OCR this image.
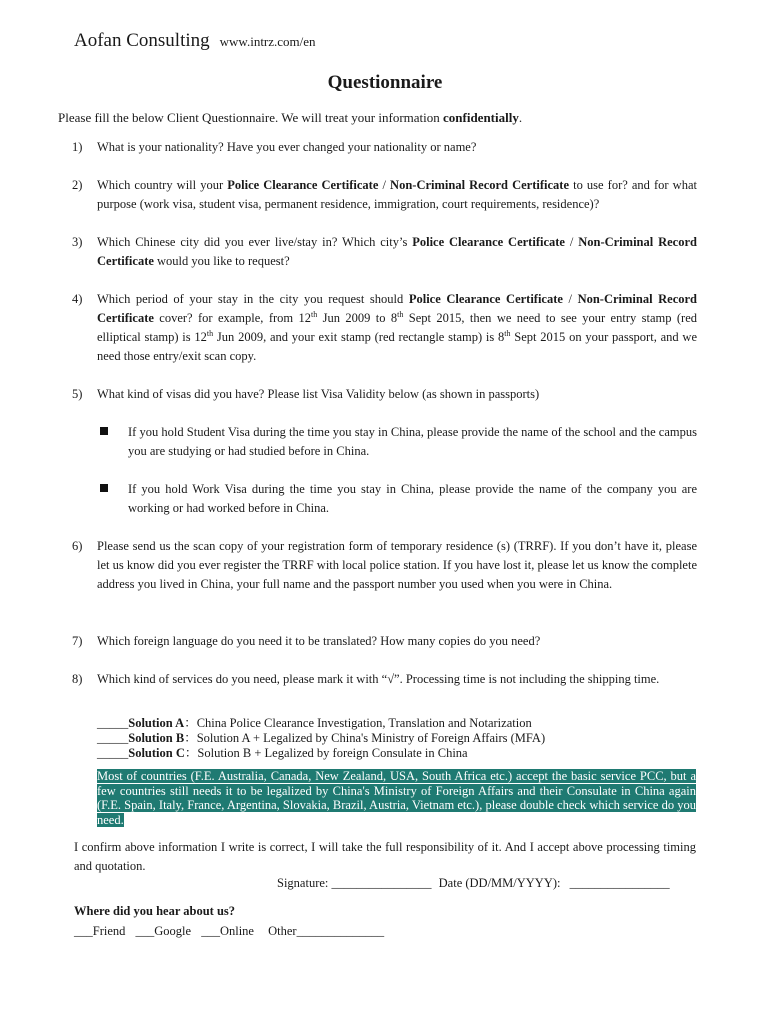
Aofan Consulting www.intrz.com/en
Questionnaire
Please fill the below Client Questionnaire. We will treat your information confidentially.
1) What is your nationality? Have you ever changed your nationality or name?
2) Which country will your Police Clearance Certificate / Non-Criminal Record Certificate to use for? and for what purpose (work visa, student visa, permanent residence, immigration, court requirements, residence)?
3) Which Chinese city did you ever live/stay in? Which city’s Police Clearance Certificate / Non-Criminal Record Certificate would you like to request?
4) Which period of your stay in the city you request should Police Clearance Certificate / Non-Criminal Record Certificate cover? for example, from 12th Jun 2009 to 8th Sept 2015, then we need to see your entry stamp (red elliptical stamp) is 12th Jun 2009, and your exit stamp (red rectangle stamp) is 8th Sept 2015 on your passport, and we need those entry/exit scan copy.
5) What kind of visas did you have? Please list Visa Validity below (as shown in passports)
If you hold Student Visa during the time you stay in China, please provide the name of the school and the campus you are studying or had studied before in China.
If you hold Work Visa during the time you stay in China, please provide the name of the company you are working or had worked before in China.
6) Please send us the scan copy of your registration form of temporary residence (s) (TRRF). If you don’t have it, please let us know did you ever register the TRRF with local police station. If you have lost it, please let us know the complete address you lived in China, your full name and the passport number you used when you were in China.
7) Which foreign language do you need it to be translated? How many copies do you need?
8) Which kind of services do you need, please mark it with “√”. Processing time is not including the shipping time.
_____Solution A：China Police Clearance Investigation, Translation and Notarization
_____Solution B：Solution A + Legalized by China's Ministry of Foreign Affairs (MFA)
_____Solution C：Solution B + Legalized by foreign Consulate in China
Most of countries (F.E. Australia, Canada, New Zealand, USA, South Africa etc.) accept the basic service PCC, but a few countries still needs it to be legalized by China's Ministry of Foreign Affairs and their Consulate in China again (F.E. Spain, Italy, France, Argentina, Slovakia, Brazil, Austria, Vietnam etc.), please double check which service do you need.
I confirm above information I write is correct, I will take the full responsibility of it. And I accept above processing timing and quotation.
Signature: ________________ Date (DD/MM/YYYY): ________________
Where did you hear about us?
___Friend ___Google ___Online Other______________
